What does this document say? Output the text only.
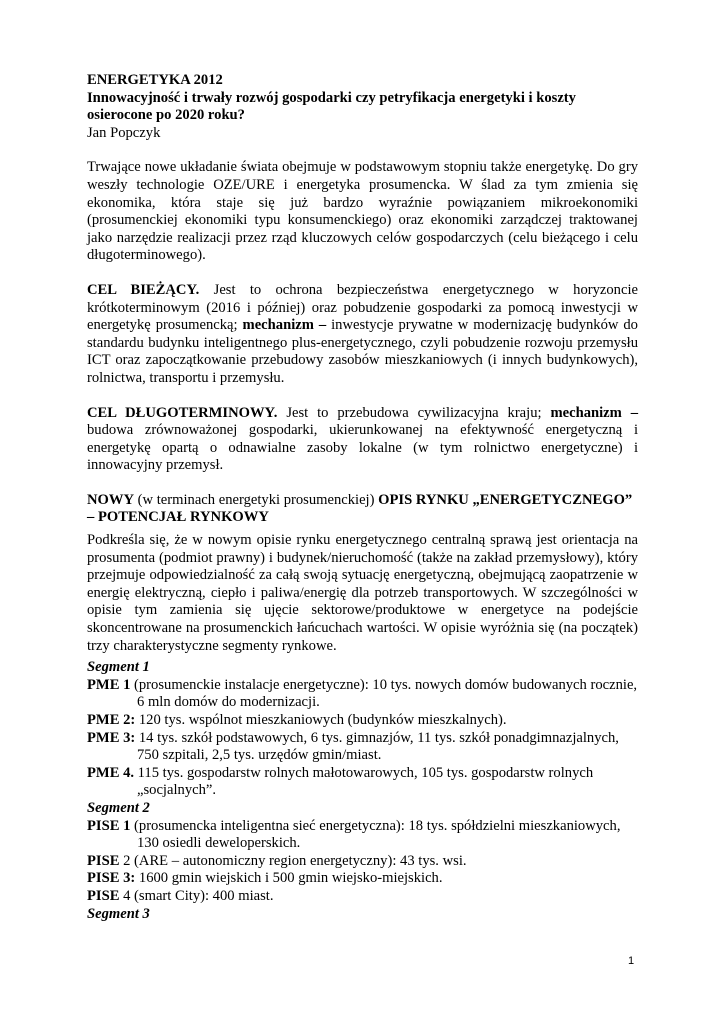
ENERGETYKA 2012
Innowacyjność i trwały rozwój gospodarki czy petryfikacja energetyki i koszty osierocone po 2020 roku?
Jan Popczyk

Trwające nowe układanie świata obejmuje w podstawowym stopniu także energetykę. Do gry weszły technologie OZE/URE i energetyka prosumencka. W ślad za tym zmienia się ekonomika, która staje się już bardzo wyraźnie powiązaniem mikroekonomiki (prosumenckiej ekonomiki typu konsumenckiego) oraz ekonomiki zarządczej traktowanej jako narzędzie realizacji przez rząd kluczowych celów gospodarczych (celu bieżącego i celu długoterminowego).

CEL BIEŻĄCY. Jest to ochrona bezpieczeństwa energetycznego w horyzoncie krótkoterminowym (2016 i później) oraz pobudzenie gospodarki za pomocą inwestycji w energetykę prosumencką; mechanizm – inwestycje prywatne w modernizację budynków do standardu budynku inteligentnego plus-energetycznego, czyli pobudzenie rozwoju przemysłu ICT oraz zapoczątkowanie przebudowy zasobów mieszkaniowych (i innych budynkowych), rolnictwa, transportu i przemysłu.

CEL DŁUGOTERMINOWY. Jest to przebudowa cywilizacyjna kraju; mechanizm – budowa zrównoważonej gospodarki, ukierunkowanej na efektywność energetyczną i energetykę opartą o odnawialne zasoby lokalne (w tym rolnictwo energetyczne) i innowacyjny przemysł.

NOWY (w terminach energetyki prosumenckiej) OPIS RYNKU „ENERGETYCZNEGO” – POTENCJAŁ RYNKOWY

Podkreśla się, że w nowym opisie rynku energetycznego centralną sprawą jest orientacja na prosumenta (podmiot prawny) i budynek/nieruchomość (także na zakład przemysłowy), który przejmuje odpowiedzialność za całą swoją sytuację energetyczną, obejmującą zaopatrzenie w energię elektryczną, ciepło i paliwa/energię dla potrzeb transportowych. W szczególności w opisie tym zamienia się ujęcie sektorowe/produktowe w energetyce na podejście skoncentrowane na prosumenckich łańcuchach wartości. W opisie wyróżnia się (na początek) trzy charakterystyczne segmenty rynkowe.

Segment 1
PME 1 (prosumenckie instalacje energetyczne): 10 tys. nowych domów budowanych rocznie,
6 mln domów do modernizacji.
PME 2: 120 tys. wspólnot mieszkaniowych (budynków mieszkalnych).
PME 3: 14 tys. szkół podstawowych, 6 tys. gimnazjów, 11 tys. szkół ponadgimnazjalnych,
750 szpitali, 2,5 tys. urzędów gmin/miast.
PME 4. 115 tys. gospodarstw rolnych małotowarowych, 105 tys. gospodarstw rolnych
„socjalnych”.
Segment 2
PISE 1 (prosumencka inteligentna sieć energetyczna): 18 tys. spółdzielni mieszkaniowych,
130 osiedli deweloperskich.
PISE 2 (ARE – autonomiczny region energetyczny): 43 tys. wsi.
PISE 3: 1600 gmin wiejskich i 500 gmin wiejsko-miejskich.
PISE 4 (smart City): 400 miast.
Segment 3
1
